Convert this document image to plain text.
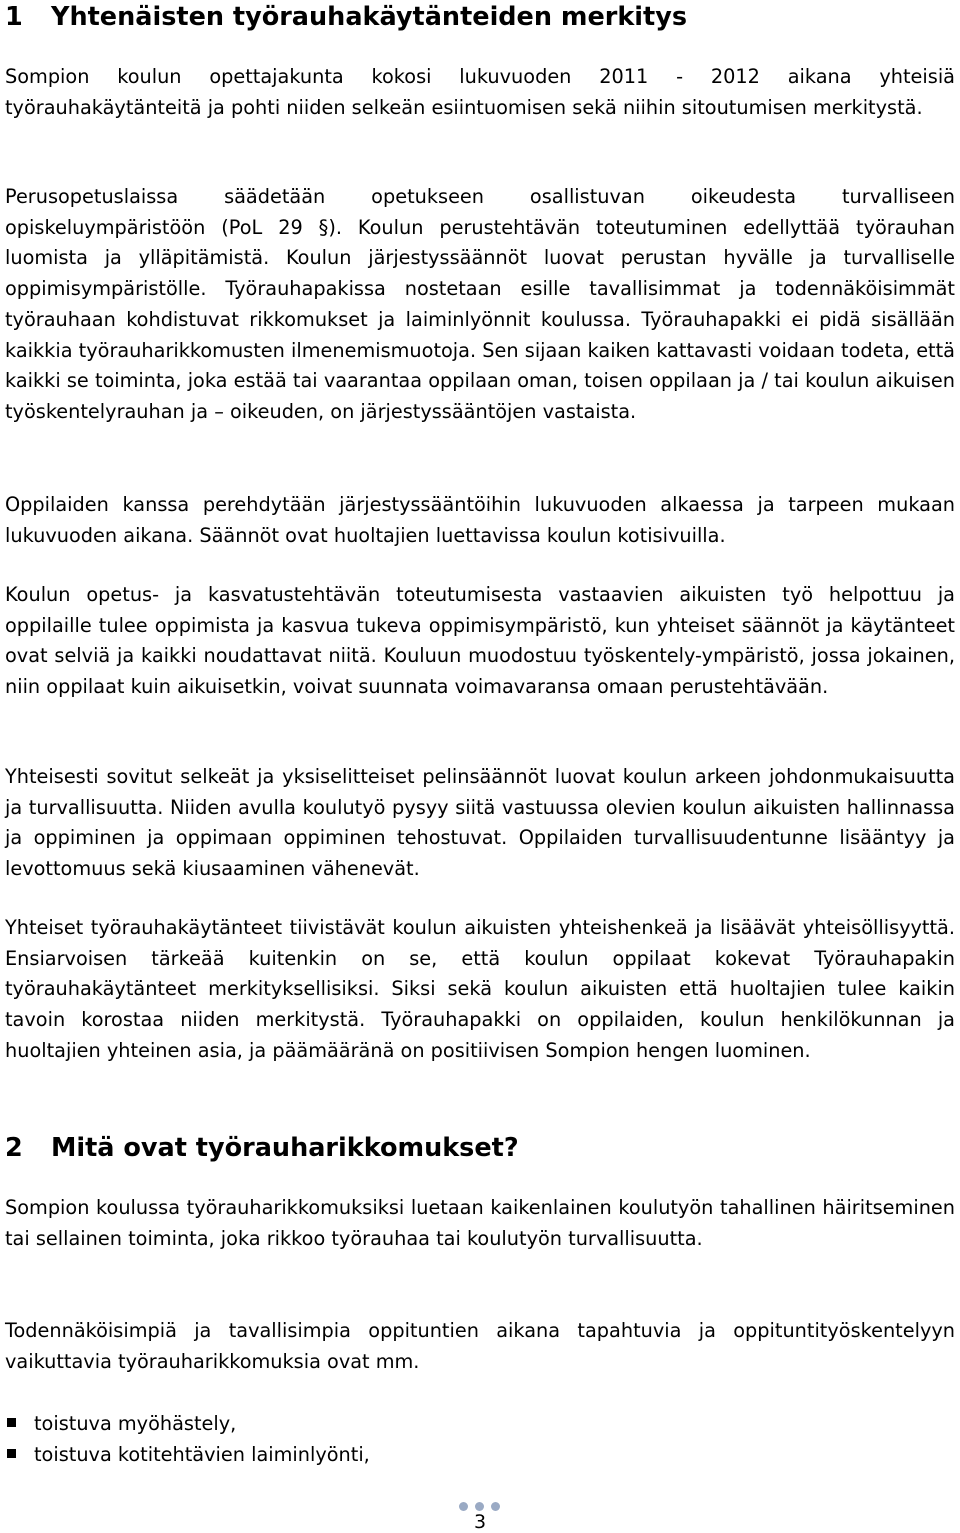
1 Yhtenäisten työrauhakäytänteiden merkitys

Sompion koulun opettajakunta kokosi lukuvuoden 2011 - 2012 aikana yhteisiä työrauhakäytänteitä ja pohti niiden selkeän esiintuomisen sekä niihin sitoutumisen merkitystä.

Perusopetuslaissa säädetään opetukseen osallistuvan oikeudesta turvalliseen opiskeluympäristöön (PoL 29 §). Koulun perustehtävän toteutuminen edellyttää työrauhan luomista ja ylläpitämistä. Koulun järjestyssäännöt luovat perustan hyvälle ja turvalliselle oppimisympäristölle. Työrauhapakissa nostetaan esille tavallisimmat ja todennäköisimmät työrauhaan kohdistuvat rikkomukset ja laiminlyönnit koulussa. Työrauhapakki ei pidä sisällään kaikkia työrauharikkomusten ilmenemismuotoja. Sen sijaan kaiken kattavasti voidaan todeta, että kaikki se toiminta, joka estää tai vaarantaa oppilaan oman, toisen oppilaan ja / tai koulun aikuisen työskentelyrauhan ja – oikeuden, on järjestyssääntöjen vastaista.

Oppilaiden kanssa perehdytään järjestyssääntöihin lukuvuoden alkaessa ja tarpeen mukaan lukuvuoden aikana. Säännöt ovat huoltajien luettavissa koulun kotisivuilla.

Koulun opetus- ja kasvatustehtävän toteutumisesta vastaavien aikuisten työ helpottuu ja oppilaille tulee oppimista ja kasvua tukeva oppimisympäristö, kun yhteiset säännöt ja käytänteet ovat selviä ja kaikki noudattavat niitä. Kouluun muodostuu työskentely-ympäristö, jossa jokainen, niin oppilaat kuin aikuisetkin, voivat suunnata voimavaransa omaan perustehtävään.

Yhteisesti sovitut selkeät ja yksiselitteiset pelinsäännöt luovat koulun arkeen johdonmukaisuutta ja turvallisuutta. Niiden avulla koulutyö pysyy siitä vastuussa olevien koulun aikuisten hallinnassa ja oppiminen ja oppimaan oppiminen tehostuvat. Oppilaiden turvallisuudentunne lisääntyy ja levottomuus sekä kiusaaminen vähenevät.

Yhteiset työrauhakäytänteet tiivistävät koulun aikuisten yhteishenkeä ja lisäävät yhteisöllisyyttä. Ensiarvoisen tärkeää kuitenkin on se, että koulun oppilaat kokevat Työrauhapakin työrauhakäytänteet merkityksellisiksi. Siksi sekä koulun aikuisten että huoltajien tulee kaikin tavoin korostaa niiden merkitystä. Työrauhapakki on oppilaiden, koulun henkilökunnan ja huoltajien yhteinen asia, ja päämääränä on positiivisen Sompion hengen luominen.

2 Mitä ovat työrauharikkomukset?

Sompion koulussa työrauharikkomuksiksi luetaan kaikenlainen koulutyön tahallinen häiritseminen tai sellainen toiminta, joka rikkoo työrauhaa tai koulutyön turvallisuutta.

Todennäköisimpiä ja tavallisimpia oppituntien aikana tapahtuvia ja oppituntityöskentelyyn vaikuttavia työrauharikkomuksia ovat mm.

toistuva myöhästely,
toistuva kotitehtävien laiminlyönti,
3
